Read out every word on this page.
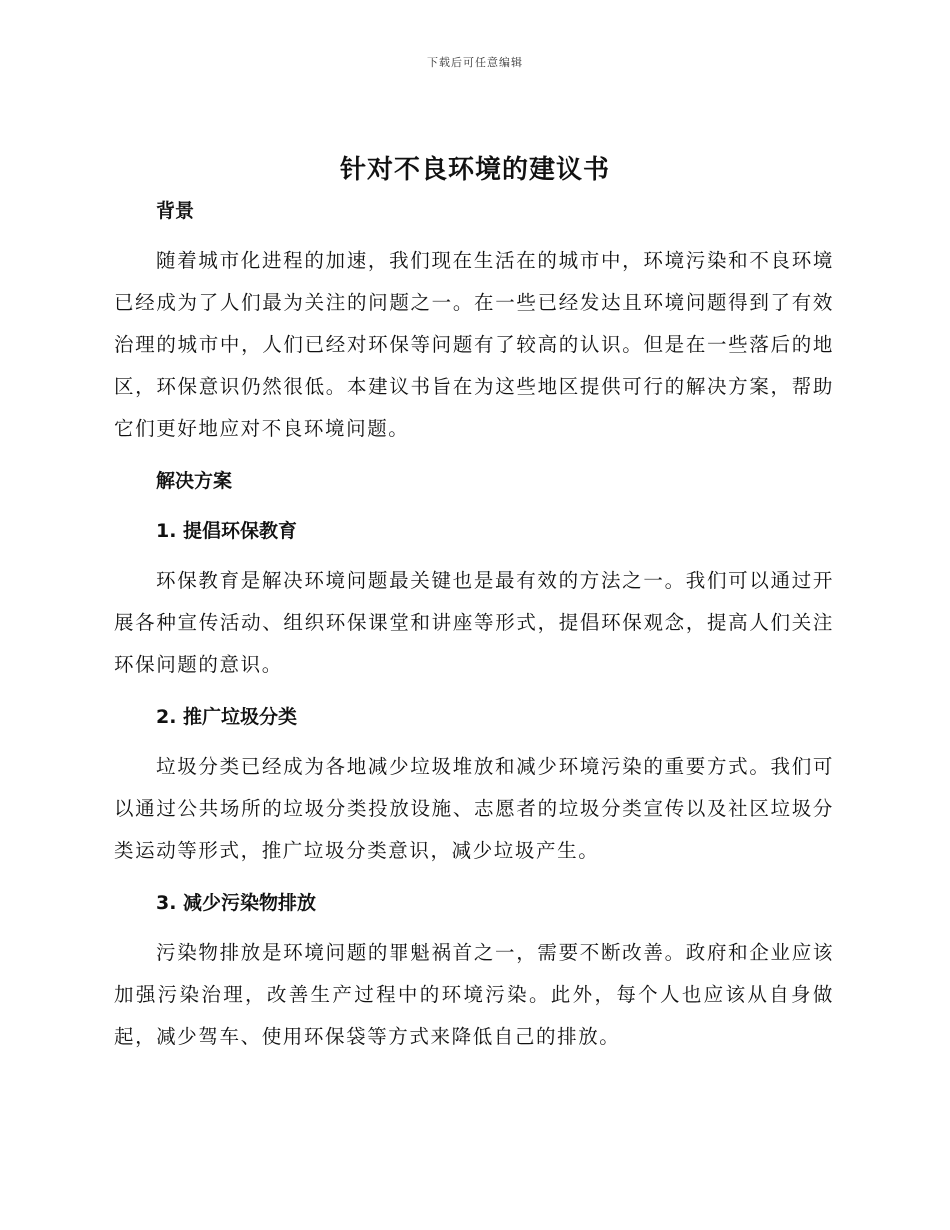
下载后可任意编辑
针对不良环境的建议书

背景

随着城市化进程的加速，我们现在生活在的城市中，环境污染和不良环境已经成为了人们最为关注的问题之一。在一些已经发达且环境问题得到了有效治理的城市中，人们已经对环保等问题有了较高的认识。但是在一些落后的地区，环保意识仍然很低。本建议书旨在为这些地区提供可行的解决方案，帮助它们更好地应对不良环境问题。

解决方案

1. 提倡环保教育

环保教育是解决环境问题最关键也是最有效的方法之一。我们可以通过开展各种宣传活动、组织环保课堂和讲座等形式，提倡环保观念，提高人们关注环保问题的意识。

2. 推广垃圾分类

垃圾分类已经成为各地减少垃圾堆放和减少环境污染的重要方式。我们可以通过公共场所的垃圾分类投放设施、志愿者的垃圾分类宣传以及社区垃圾分类运动等形式，推广垃圾分类意识，减少垃圾产生。

3. 减少污染物排放

污染物排放是环境问题的罪魁祸首之一，需要不断改善。政府和企业应该加强污染治理，改善生产过程中的环境污染。此外，每个人也应该从自身做起，减少驾车、使用环保袋等方式来降低自己的排放。
